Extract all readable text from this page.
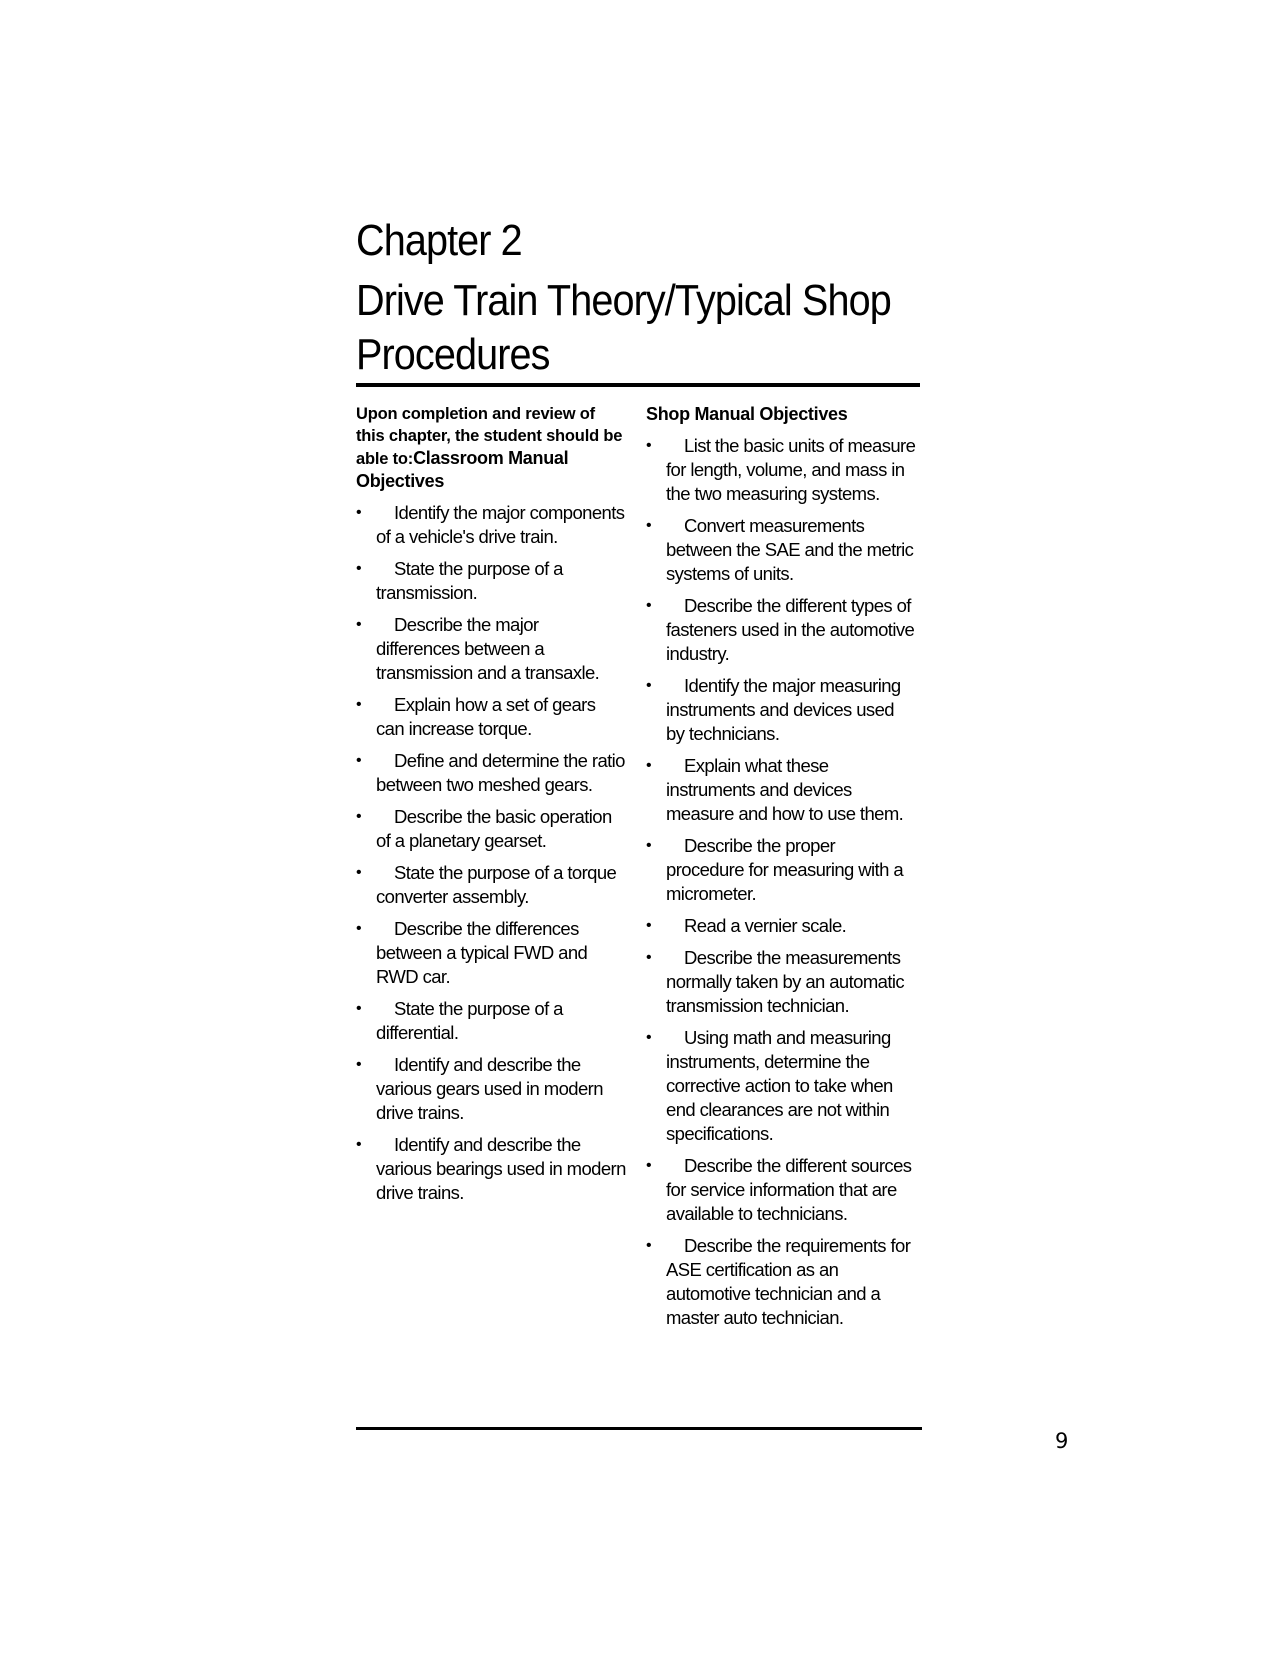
Chapter 2
Drive Train Theory/Typical Shop Procedures

Upon completion and review of this chapter, the student should be able to:Classroom Manual Objectives

•	Identify the major components of a vehicle's drive train.
•	State the purpose of a transmission.
•	Describe the major differences between a transmission and a transaxle.
•	Explain how a set of gears can increase torque.
•	Define and determine the ratio between two meshed gears.
•	Describe the basic operation of a planetary gearset.
•	State the purpose of a torque converter assembly.
•	Describe the differences between a typical FWD and RWD car.
•	State the purpose of a differential.
•	Identify and describe the various gears used in modern drive trains.
•	Identify and describe the various bearings used in modern drive trains.
Shop Manual Objectives
•	List the basic units of measure for length, volume, and mass in the two measuring systems.
•	Convert measurements between the SAE and the metric systems of units.
•	Describe the different types of fasteners used in the automotive industry.
•	Identify the major measuring instruments and devices used by technicians.
•	Explain what these instruments and devices measure and how to use them.
•	Describe the proper procedure for measuring with a micrometer.
•	Read a vernier scale.
•	Describe the measurements normally taken by an automatic transmission technician.
•	Using math and measuring instruments, determine the corrective action to take when end clearances are not within specifications.
•	Describe the different sources for service information that are available to technicians.
•	Describe the requirements for ASE certification as an automotive technician and a master auto technician.
9
